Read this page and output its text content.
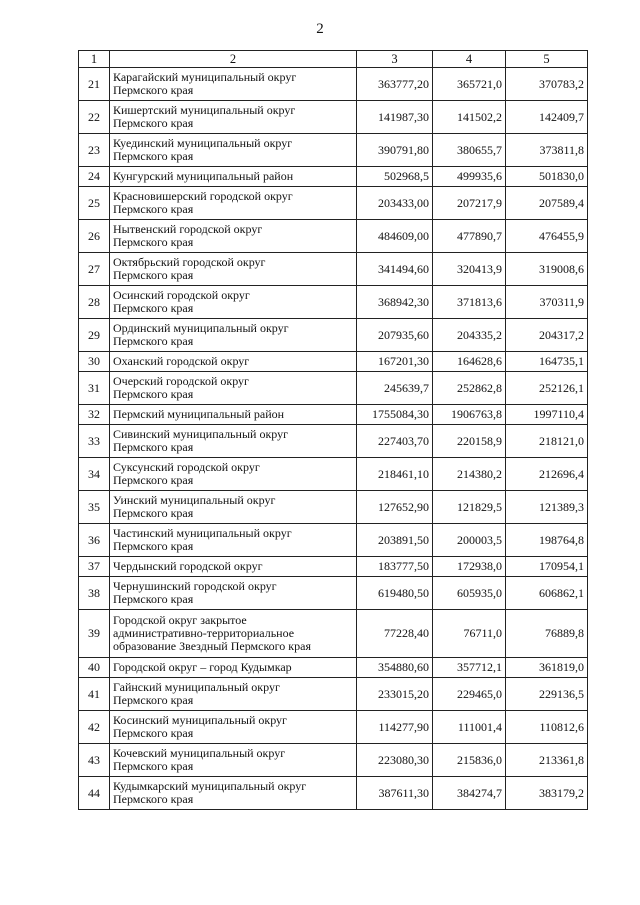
2
1	2	3	4	5
21	Карагайский муниципальный округ
Пермского края	363777,20	365721,0	370783,2
22	Кишертский муниципальный округ
Пермского края	141987,30	141502,2	142409,7
23	Куединский муниципальный округ
Пермского края	390791,80	380655,7	373811,8
24	Кунгурский муниципальный район	502968,5	499935,6	501830,0
25	Красновишерский городской округ
Пермского края	203433,00	207217,9	207589,4
26	Нытвенский городской округ
Пермского края	484609,00	477890,7	476455,9
27	Октябрьский городской округ
Пермского края	341494,60	320413,9	319008,6
28	Осинский городской округ
Пермского края	368942,30	371813,6	370311,9
29	Ординский муниципальный округ
Пермского края	207935,60	204335,2	204317,2
30	Оханский городской округ	167201,30	164628,6	164735,1
31	Очерский городской округ
Пермского края	245639,7	252862,8	252126,1
32	Пермский муниципальный район	1755084,30	1906763,8	1997110,4
33	Сивинский муниципальный округ
Пермского края	227403,70	220158,9	218121,0
34	Суксунский городской округ
Пермского края	218461,10	214380,2	212696,4
35	Уинский муниципальный округ
Пермского края	127652,90	121829,5	121389,3
36	Частинский муниципальный округ
Пермского края	203891,50	200003,5	198764,8
37	Чердынский городской округ	183777,50	172938,0	170954,1
38	Чернушинский городской округ
Пермского края	619480,50	605935,0	606862,1
39	Городской округ закрытое
административно-территориальное
образование Звездный Пермского края	77228,40	76711,0	76889,8
40	Городской округ – город Кудымкар	354880,60	357712,1	361819,0
41	Гайнский муниципальный округ
Пермского края	233015,20	229465,0	229136,5
42	Косинский муниципальный округ
Пермского края	114277,90	111001,4	110812,6
43	Кочевский муниципальный округ
Пермского края	223080,30	215836,0	213361,8
44	Кудымкарский муниципальный округ
Пермского края	387611,30	384274,7	383179,2
